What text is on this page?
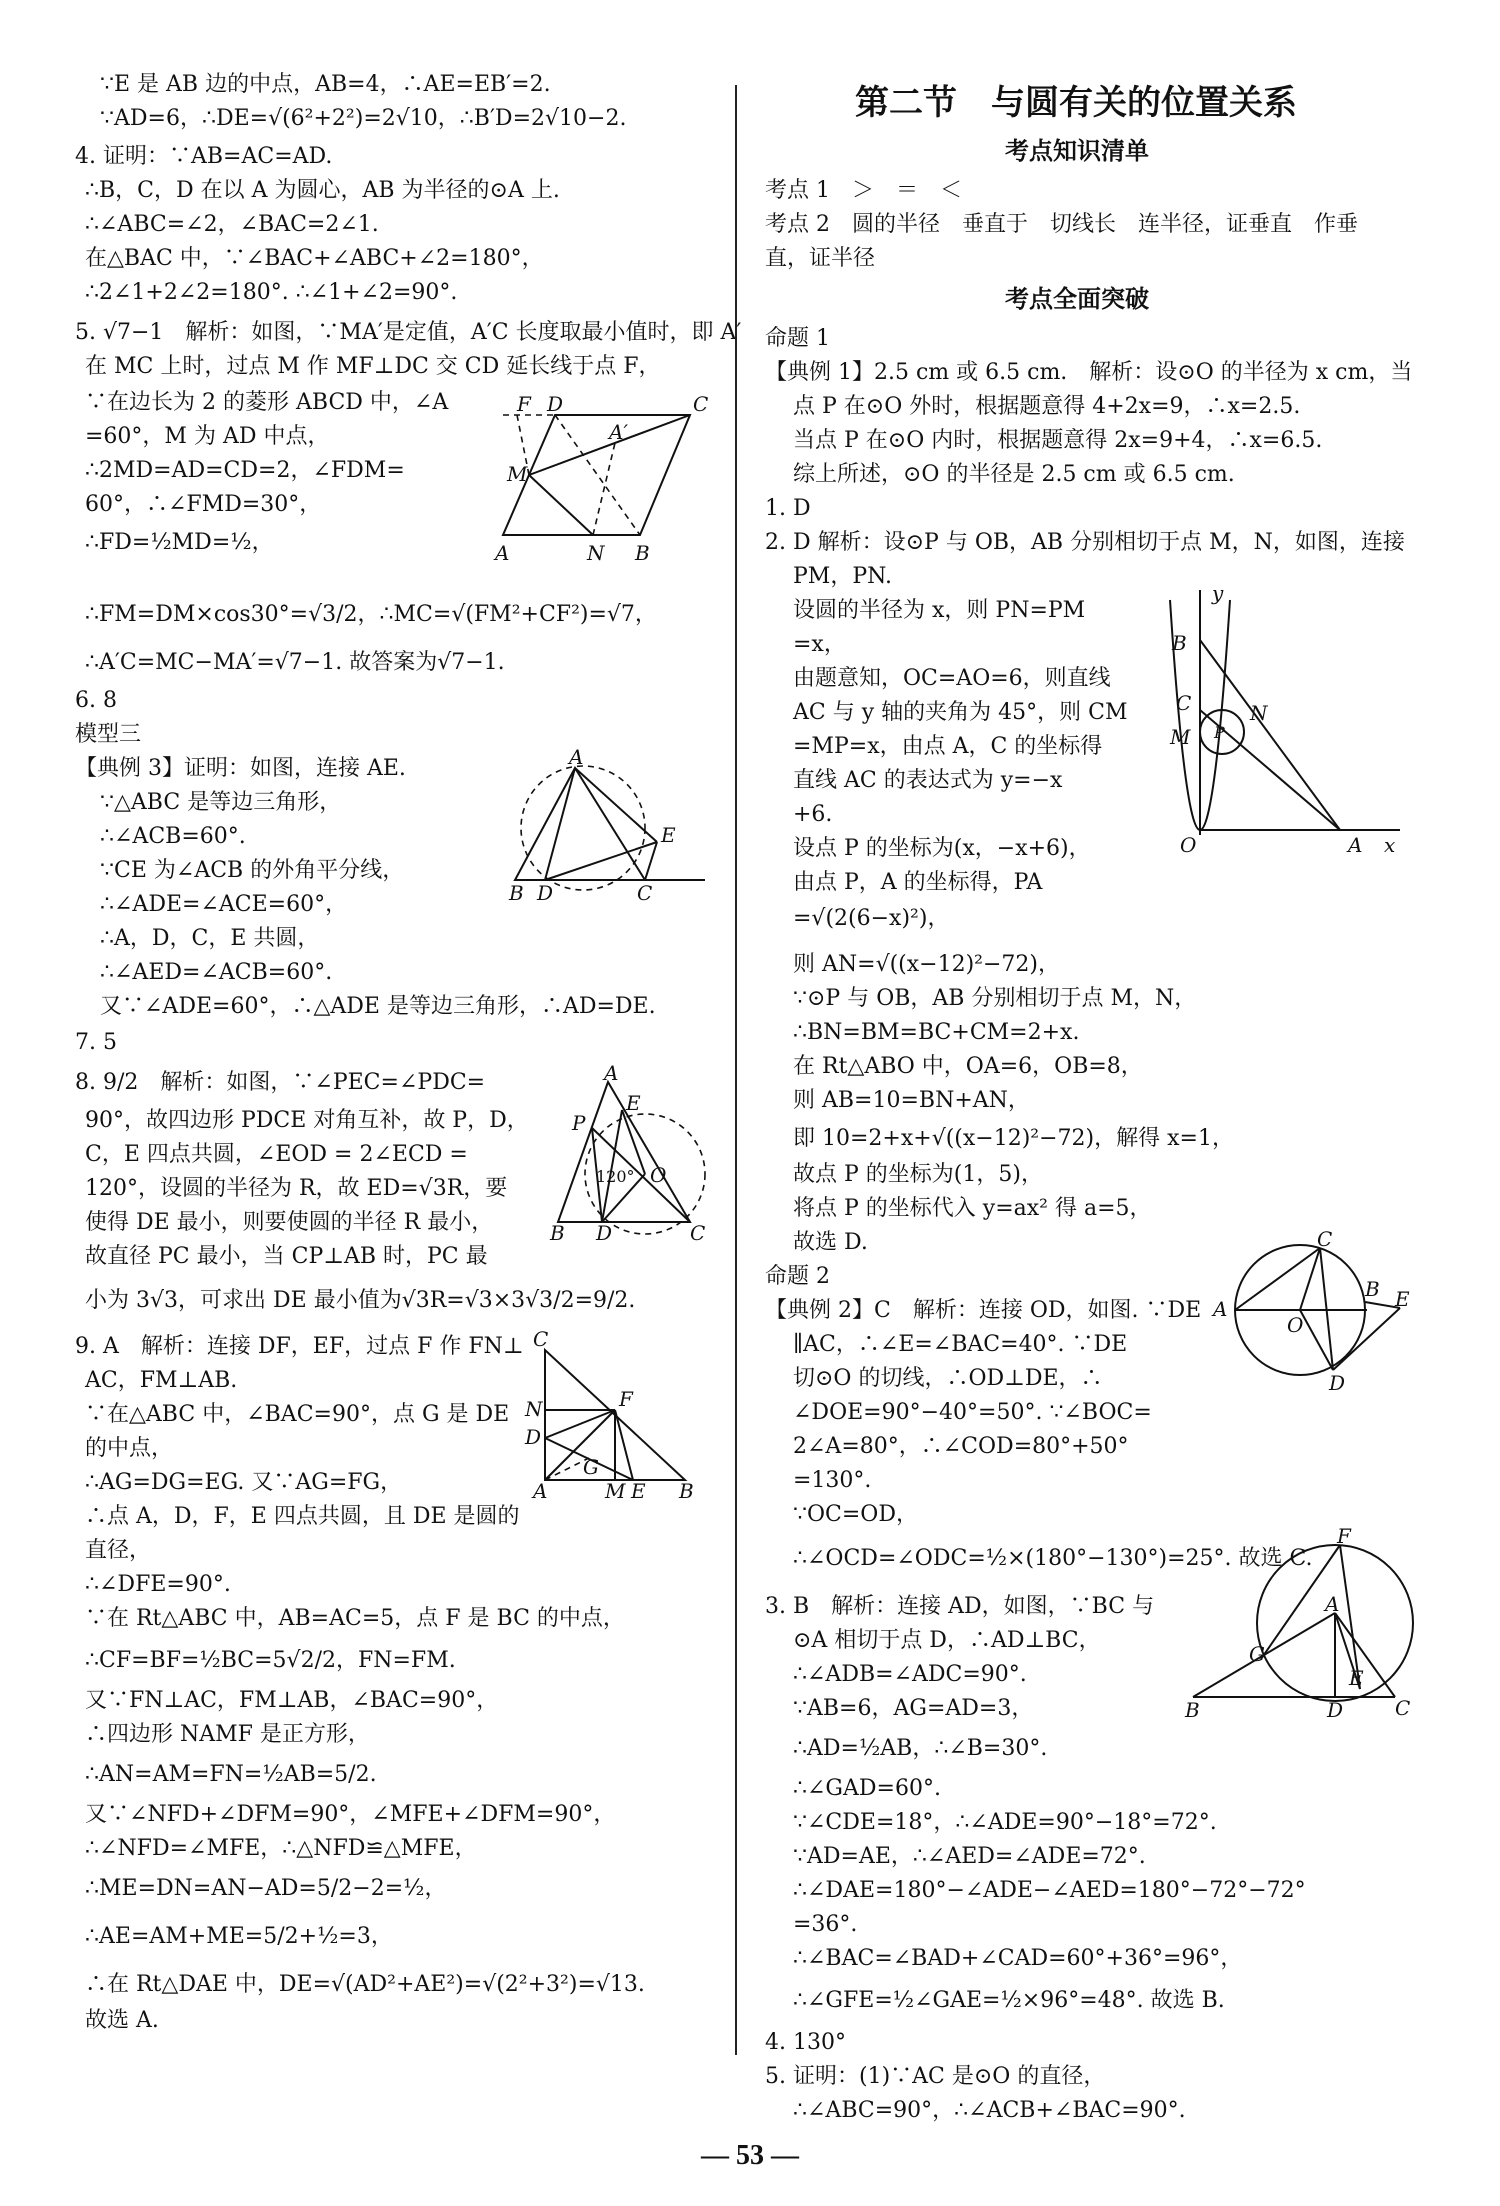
∵E 是 AB 边的中点，AB=4，∴AE=EB′=2.
∵AD=6，∴DE=√(6²+2²)=2√10，∴B′D=2√10−2.
4. 证明：∵AB=AC=AD.
∴B，C，D 在以 A 为圆心，AB 为半径的⊙A 上.
∴∠ABC=∠2，∠BAC=2∠1.
在△BAC 中，∵∠BAC+∠ABC+∠2=180°，
∴2∠1+2∠2=180°. ∴∠1+∠2=90°.
5. √7−1　解析：如图，∵MA′是定值，A′C 长度取最小值时，即 A′
在 MC 上时，过点 M 作 MF⊥DC 交 CD 延长线于点 F，
∵在边长为 2 的菱形 ABCD 中，∠A
=60°，M 为 AD 中点，
∴2MD=AD=CD=2，∠FDM=
60°，∴∠FMD=30°，
∴FD=½MD=½，
∴FM=DM×cos30°=√3/2，∴MC=√(FM²+CF²)=√7，
∴A′C=MC−MA′=√7−1. 故答案为√7−1.
6. 8
模型三
【典例 3】证明：如图，连接 AE.
∵△ABC 是等边三角形，
∴∠ACB=60°.
∵CE 为∠ACB 的外角平分线，
∴∠ADE=∠ACE=60°，
∴A，D，C，E 共圆，
∴∠AED=∠ACB=60°.
又∵∠ADE=60°，∴△ADE 是等边三角形，∴AD=DE.
7. 5
8. 9/2　解析：如图，∵∠PEC=∠PDC=
90°，故四边形 PDCE 对角互补，故 P，D，
C，E 四点共圆，∠EOD = 2∠ECD =
120°，设圆的半径为 R，故 ED=√3R，要
使得 DE 最小，则要使圆的半径 R 最小，
故直径 PC 最小，当 CP⊥AB 时，PC 最
小为 3√3，可求出 DE 最小值为√3R=√3×3√3/2=9/2.
9. A　解析：连接 DF，EF，过点 F 作 FN⊥
AC，FM⊥AB.
∵在△ABC 中，∠BAC=90°，点 G 是 DE
的中点，
∴AG=DG=EG. 又∵AG=FG，
∴点 A，D，F，E 四点共圆，且 DE 是圆的
直径，
∴∠DFE=90°.
∵在 Rt△ABC 中，AB=AC=5，点 F 是 BC 的中点，
∴CF=BF=½BC=5√2/2，FN=FM.
又∵FN⊥AC，FM⊥AB，∠BAC=90°，
∴四边形 NAMF 是正方形，
∴AN=AM=FN=½AB=5/2.
又∵∠NFD+∠DFM=90°，∠MFE+∠DFM=90°，
∴∠NFD=∠MFE，∴△NFD≌△MFE，
∴ME=DN=AN−AD=5/2−2=½，
∴AE=AM+ME=5/2+½=3，
∴在 Rt△DAE 中，DE=√(AD²+AE²)=√(2²+3²)=√13.
故选 A.
第二节　与圆有关的位置关系
考点知识清单
考点 1　＞　＝　＜
考点 2　圆的半径　垂直于　切线长　连半径，证垂直　作垂
直，证半径
考点全面突破
命题 1
【典例 1】2.5 cm 或 6.5 cm.　解析：设⊙O 的半径为 x cm，当
点 P 在⊙O 外时，根据题意得 4+2x=9，∴x=2.5.
当点 P 在⊙O 内时，根据题意得 2x=9+4，∴x=6.5.
综上所述，⊙O 的半径是 2.5 cm 或 6.5 cm.
1. D
2. D 解析：设⊙P 与 OB，AB 分别相切于点 M，N，如图，连接
PM，PN.
设圆的半径为 x，则 PN=PM
=x，
由题意知，OC=AO=6，则直线
AC 与 y 轴的夹角为 45°，则 CM
=MP=x，由点 A，C 的坐标得
直线 AC 的表达式为 y=−x
+6.
设点 P 的坐标为(x，−x+6)，
由点 P，A 的坐标得，PA
=√(2(6−x)²)，
则 AN=√((x−12)²−72)，
∵⊙P 与 OB，AB 分别相切于点 M，N，
∴BN=BM=BC+CM=2+x.
在 Rt△ABO 中，OA=6，OB=8，
则 AB=10=BN+AN，
即 10=2+x+√((x−12)²−72)，解得 x=1，
故点 P 的坐标为(1，5)，
将点 P 的坐标代入 y=ax² 得 a=5，
故选 D.
命题 2
【典例 2】C　解析：连接 OD，如图. ∵DE
∥AC，∴∠E=∠BAC=40°. ∵DE
切⊙O 的切线，∴OD⊥DE，∴
∠DOE=90°−40°=50°. ∵∠BOC=
2∠A=80°，∴∠COD=80°+50°
=130°.
∵OC=OD，
∴∠OCD=∠ODC=½×(180°−130°)=25°. 故选 C.
3. B　解析：连接 AD，如图，∵BC 与
⊙A 相切于点 D，∴AD⊥BC，
∴∠ADB=∠ADC=90°.
∵AB=6，AG=AD=3，
∴AD=½AB，∴∠B=30°.
∴∠GAD=60°.
∵∠CDE=18°，∴∠ADE=90°−18°=72°.
∵AD=AE，∴∠AED=∠ADE=72°.
∴∠DAE=180°−∠ADE−∠AED=180°−72°−72°
=36°.
∴∠BAC=∠BAD+∠CAD=60°+36°=96°，
∴∠GFE=½∠GAE=½×96°=48°. 故选 B.
4. 130°
5. 证明：(1)∵AC 是⊙O 的直径，
∴∠ABC=90°，∴∠ACB+∠BAC=90°.
F D	C
A′
M
A	N B
A
E
B D	C
A
E
P
120° O
B D	C
C
F
N
D
G
A	M E B
y
B
N
C
M P
O	A x
C
B E
A
O
D
F
A
G
E
B	D	C
— 53 —
